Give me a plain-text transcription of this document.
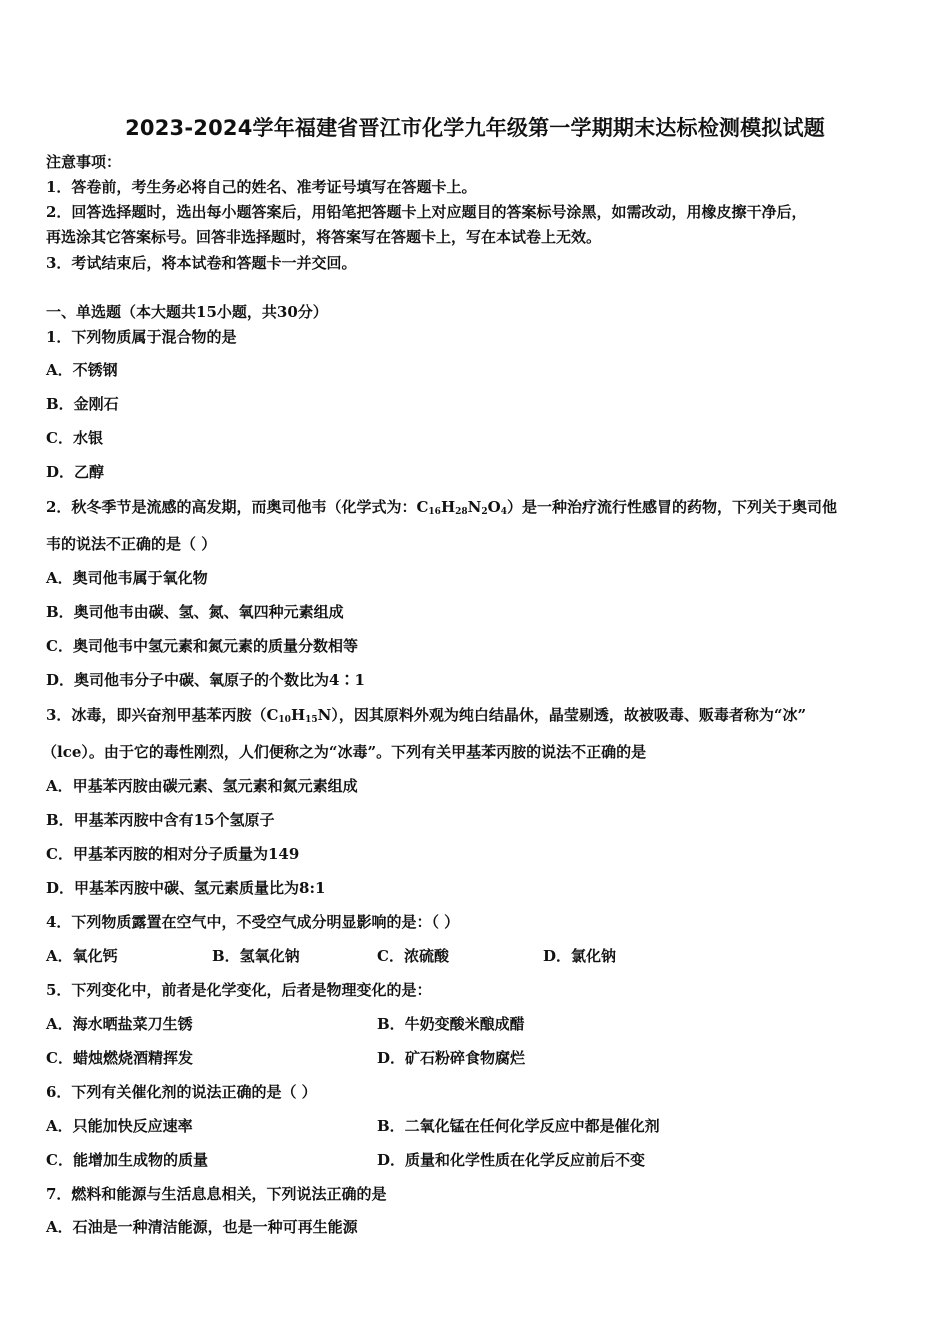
2023-2024学年福建省晋江市化学九年级第一学期期末达标检测模拟试题
注意事项：
1．答卷前，考生务必将自己的姓名、准考证号填写在答题卡上。
2．回答选择题时，选出每小题答案后，用铅笔把答题卡上对应题目的答案标号涂黑，如需改动，用橡皮擦干净后，
再选涂其它答案标号。回答非选择题时，将答案写在答题卡上，写在本试卷上无效。
3．考试结束后，将本试卷和答题卡一并交回。
一、单选题（本大题共15小题，共30分）
1．下列物质属于混合物的是
A．不锈钢
B．金刚石
C．水银
D．乙醇
2．秋冬季节是流感的高发期，而奥司他韦（化学式为：$C_{16}H_{28}N_2O_4$）是一种治疗流行性感冒的药物，下列关于奥司他
韦的说法不正确的是（ ）
A．奥司他韦属于氧化物
B．奥司他韦由碳、氢、氮、氧四种元素组成
C．奥司他韦中氢元素和氮元素的质量分数相等
D．奥司他韦分子中碳、氧原子的个数比为4∶1
3．冰毒，即兴奋剂甲基苯丙胺$(C_{10}H_{15}N)$，因其原料外观为纯白结晶休，晶莹剔透，故被吸毒、贩毒者称为“冰”
（lce）。由于它的毒性刚烈，人们便称之为“冰毒”。下列有关甲基苯丙胺的说法不正确的是
A．甲基苯丙胺由碳元素、氢元素和氮元素组成
B．甲基苯丙胺中含有15个氢原子
C．甲基苯丙胺的相对分子质量为149
D．甲基苯丙胺中碳、氢元素质量比为8:1
4．下列物质露置在空气中，不受空气成分明显影响的是：（ ）
A．氧化钙	B．氢氧化钠	C．浓硫酸	D．氯化钠
5．下列变化中，前者是化学变化，后者是物理变化的是：
A．海水晒盐菜刀生锈	B．牛奶变酸米酿成醋
C．蜡烛燃烧酒精挥发	D．矿石粉碎食物腐烂
6．下列有关催化剂的说法正确的是（ ）
A．只能加快反应速率	B．二氧化锰在任何化学反应中都是催化剂
C．能增加生成物的质量	D．质量和化学性质在化学反应前后不变
7．燃料和能源与生活息息相关，下列说法正确的是
A．石油是一种清洁能源，也是一种可再生能源
